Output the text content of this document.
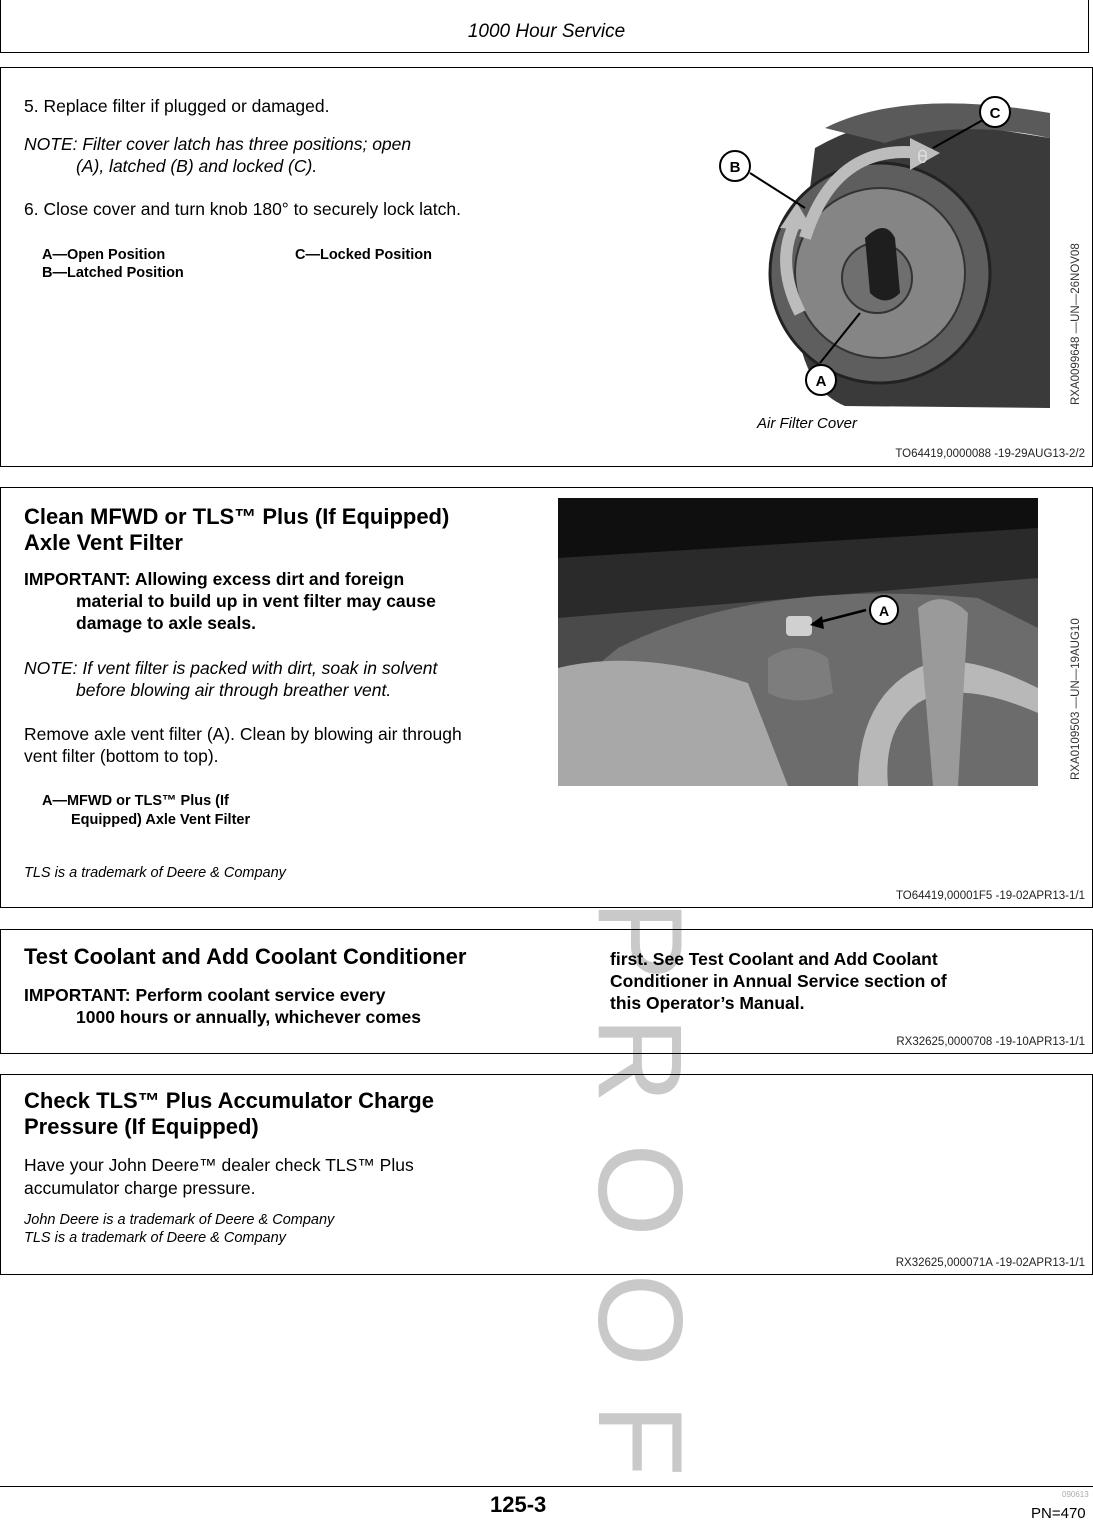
P
R
O
O
F
1000 Hour Service
5. Replace filter if plugged or damaged.
NOTE: Filter cover latch has three positions; open
(A), latched (B) and locked (C).
6. Close cover and turn knob 180° to securely lock latch.
A—Open Position
B—Latched Position
C—Locked Position
θ
B
C
A	RXA0099648 —UN—26NOV08
Air Filter Cover
TO64419,0000088 -19-29AUG13-2/2
Clean MFWD or TLS™ Plus (If Equipped)
Axle Vent Filter
IMPORTANT: Allowing excess dirt and foreign
material to build up in vent filter may cause
damage to axle seals.
NOTE: If vent filter is packed with dirt, soak in solvent
before blowing air through breather vent.
Remove axle vent filter (A). Clean by blowing air through
vent filter (bottom to top).
A—MFWD or TLS™ Plus (If
Equipped) Axle Vent Filter
TLS is a trademark of Deere & Company
A
RXA0109503 —UN—19AUG10
TO64419,00001F5 -19-02APR13-1/1
Test Coolant and Add Coolant Conditioner
IMPORTANT: Perform coolant service every
1000 hours or annually, whichever comes
first. See Test Coolant and Add Coolant
Conditioner in Annual Service section of
this Operator’s Manual.
RX32625,0000708 -19-10APR13-1/1
Check TLS™ Plus Accumulator Charge
Pressure (If Equipped)
Have your John Deere™ dealer check TLS™ Plus
accumulator charge pressure.
John Deere is a trademark of Deere & Company
TLS is a trademark of Deere & Company
RX32625,000071A -19-02APR13-1/1
125-3	090613
PN=470
